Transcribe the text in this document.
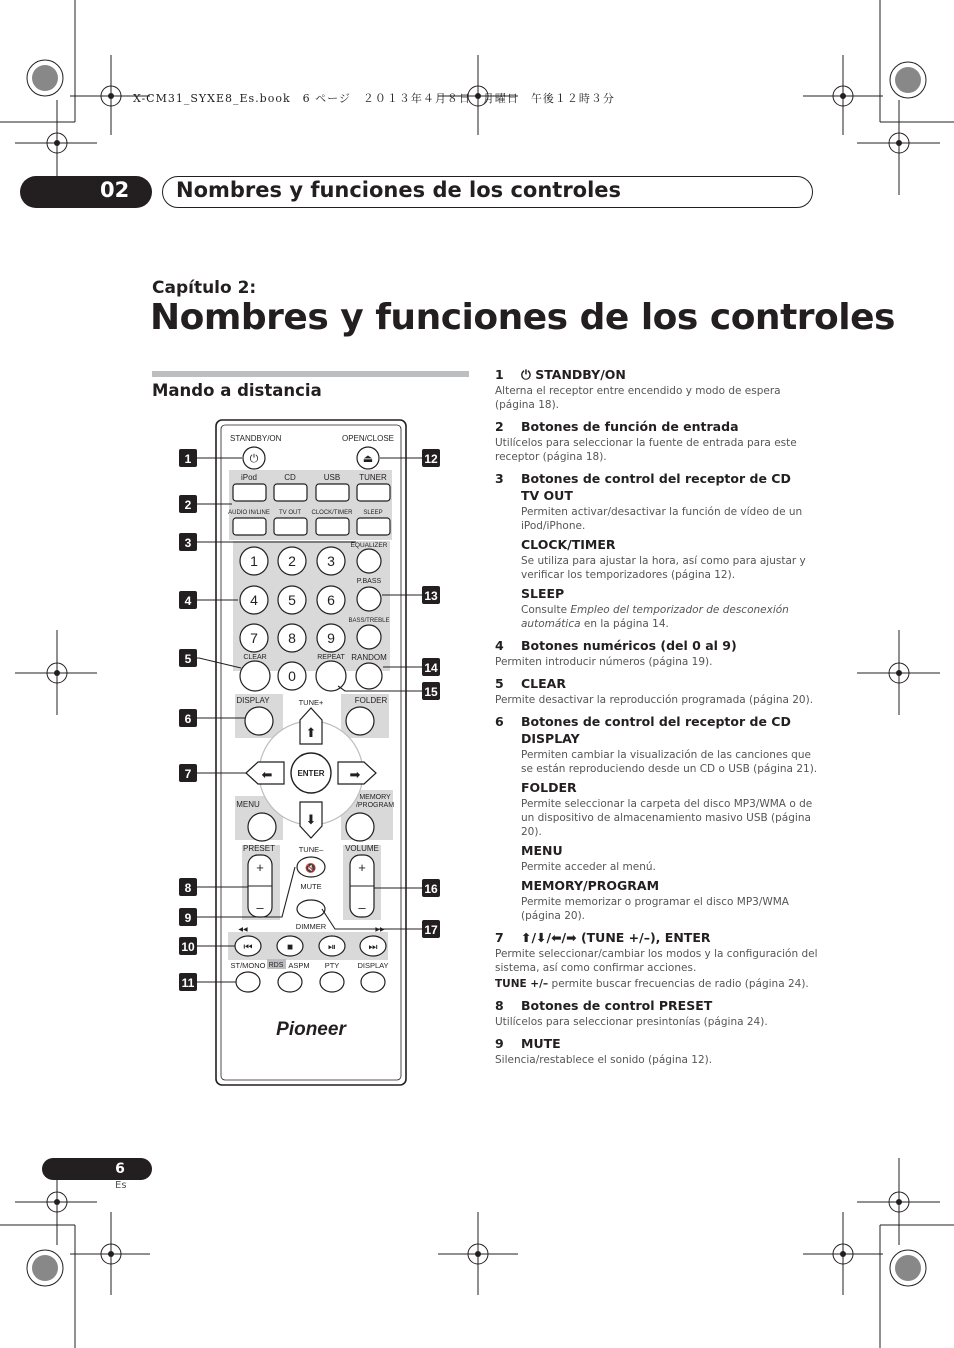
X-CM31_SYXE8_Es.book　6 ページ　２０１３年４月８日　月曜日　午後１２時３分
02	Nombres y funciones de los controles
Capítulo 2:
Nombres y funciones de los controles
Mando a distancia
STANDBY/ON	OPEN/CLOSE
⏻	⏏
iPod	CD	USB TUNER
AUDIO IN/LINE TV OUT CLOCK/TIMER SLEEP
1 2 3
4 5 6
7 8 9
0
EQUALIZER
P.BASS
BASS/TREBLE
CLEAR	REPEAT RANDOM
DISPLAY	FOLDER
TUNE+
⬆
⬇
⬅	➡
ENTER
MENU
MEMORY
/PROGRAM
PRESET
+
–
VOLUME
+
–
TUNE–
🔇
MUTE
DIMMER
⏮	■	⏯	⏭
◀◀	▶▶
ST/MONO RDS ASPM PTY DISPLAY
Pioneer
1
2
3
4
5
6
7
8
9
10
11
12
13
14
15
16
17
1	⏻ STANDBY/ON
Alterna el receptor entre encendido y modo de espera (página 18).
2	Botones de función de entrada
Utilícelos para seleccionar la fuente de entrada para este receptor (página 18).
3	Botones de control del receptor de CD
TV OUT
Permiten activar/desactivar la función de vídeo de un iPod/iPhone.
CLOCK/TIMER
Se utiliza para ajustar la hora, así como para ajustar y verificar los temporizadores (página 12).
SLEEP
Consulte Empleo del temporizador de desconexión automática en la página 14.
4	Botones numéricos (del 0 al 9)
Permiten introducir números (página 19).
5	CLEAR
Permite desactivar la reproducción programada (página 20).
6	Botones de control del receptor de CD
DISPLAY
Permiten cambiar la visualización de las canciones que se están reproduciendo desde un CD o USB (página 21).
FOLDER
Permite seleccionar la carpeta del disco MP3/WMA o de un dispositivo de almacenamiento masivo USB (página 20).
MENU
Permite acceder al menú.
MEMORY/PROGRAM
Permite memorizar o programar el disco MP3/WMA (página 20).
7	⬆/⬇/⬅/➡ (TUNE +/–), ENTER
Permite seleccionar/cambiar los modos y la configuración del sistema, así como confirmar acciones.
TUNE +/– permite buscar frecuencias de radio (página 24).
8	Botones de control PRESET
Utilícelos para seleccionar presintonías (página 24).
9	MUTE
Silencia/restablece el sonido (página 12).
6
Es
